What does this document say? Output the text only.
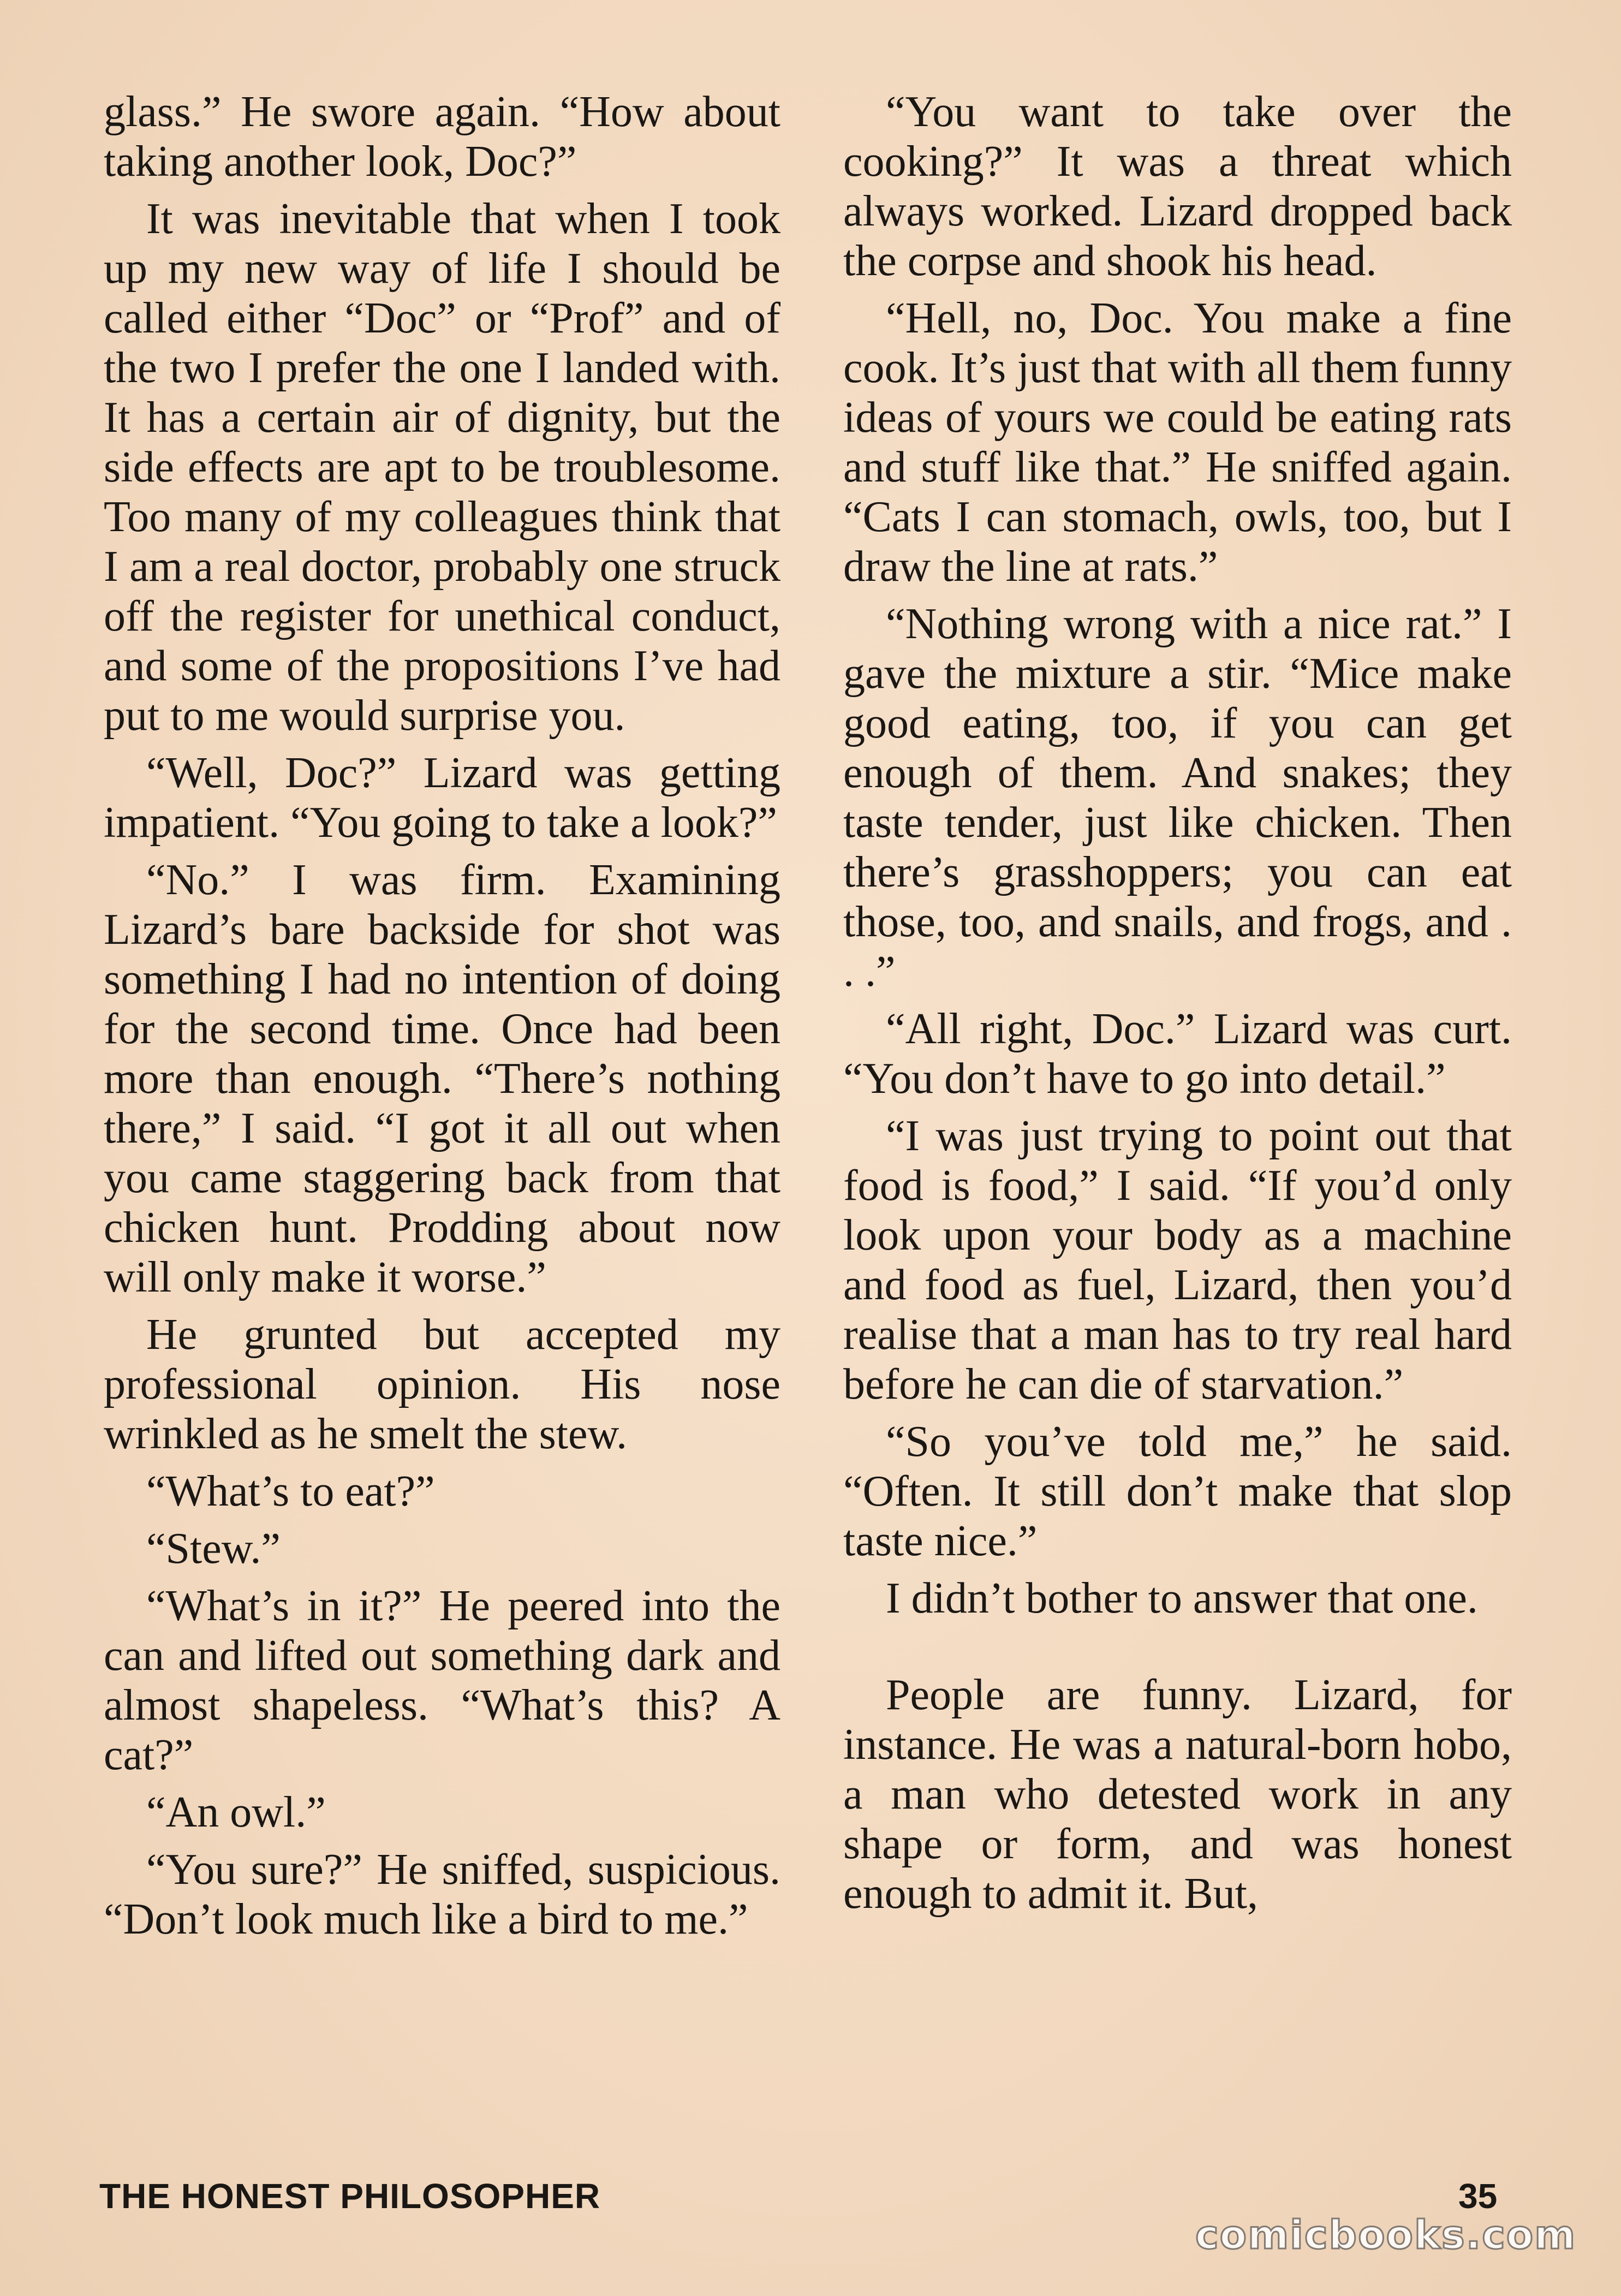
glass.” He swore again. “How about taking another look, Doc?”

It was inevitable that when I took up my new way of life I should be called either “Doc” or “Prof” and of the two I prefer the one I landed with. It has a certain air of dignity, but the side effects are apt to be troublesome. Too many of my colleagues think that I am a real doctor, probably one struck off the register for unethical conduct, and some of the propositions I’ve had put to me would surprise you.

“Well, Doc?” Lizard was getting impatient. “You going to take a look?”

“No.” I was firm. Examining Lizard’s bare backside for shot was something I had no intention of doing for the second time. Once had been more than enough. “There’s nothing there,” I said. “I got it all out when you came staggering back from that chicken hunt. Prodding about now will only make it worse.”

He grunted but accepted my professional opinion. His nose wrinkled as he smelt the stew.

“What’s to eat?”

“Stew.”

“What’s in it?” He peered into the can and lifted out something dark and almost shapeless. “What’s this? A cat?”

“An owl.”

“You sure?” He sniffed, suspicious. “Don’t look much like a bird to me.”

“You want to take over the cooking?” It was a threat which always worked. Lizard dropped back the corpse and shook his head.

“Hell, no, Doc. You make a fine cook. It’s just that with all them funny ideas of yours we could be eating rats and stuff like that.” He sniffed again. “Cats I can stomach, owls, too, but I draw the line at rats.”

“Nothing wrong with a nice rat.” I gave the mixture a stir. “Mice make good eating, too, if you can get enough of them. And snakes; they taste tender, just like chicken. Then there’s grasshoppers; you can eat those, too, and snails, and frogs, and . . .”

“All right, Doc.” Lizard was curt. “You don’t have to go into detail.”

“I was just trying to point out that food is food,” I said. “If you’d only look upon your body as a machine and food as fuel, Lizard, then you’d realise that a man has to try real hard before he can die of starvation.”

“So you’ve told me,” he said. “Often. It still don’t make that slop taste nice.”

I didn’t bother to answer that one.

People are funny. Lizard, for instance. He was a natural-born hobo, a man who detested work in any shape or form, and was honest enough to admit it. But,

THE HONEST PHILOSOPHER	35
comicbooks.com
